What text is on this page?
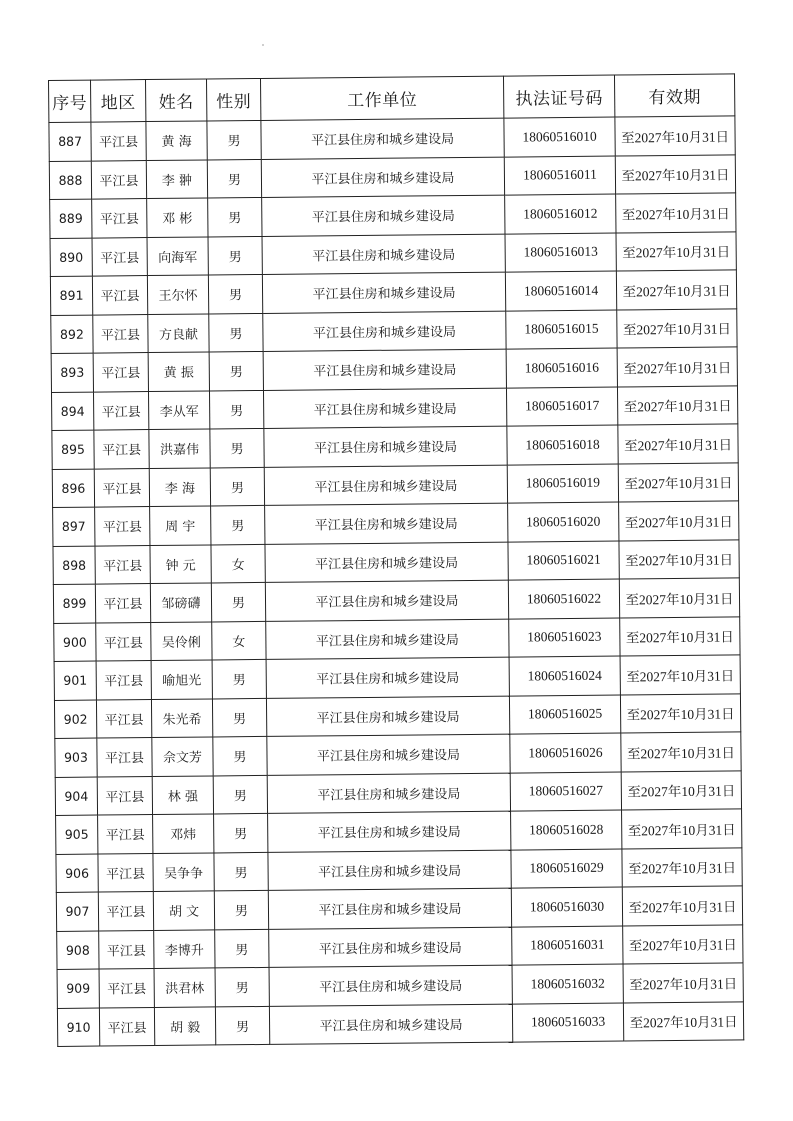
序号	地区	姓名	性别	工作单位	执法证号码	有效期
887	平江县	黄 海	男	平江县住房和城乡建设局	18060516010	至2027年10月31日
888	平江县	李 翀	男	平江县住房和城乡建设局	18060516011	至2027年10月31日
889	平江县	邓 彬	男	平江县住房和城乡建设局	18060516012	至2027年10月31日
890	平江县	向海军	男	平江县住房和城乡建设局	18060516013	至2027年10月31日
891	平江县	王尔怀	男	平江县住房和城乡建设局	18060516014	至2027年10月31日
892	平江县	方良献	男	平江县住房和城乡建设局	18060516015	至2027年10月31日
893	平江县	黄 振	男	平江县住房和城乡建设局	18060516016	至2027年10月31日
894	平江县	李从军	男	平江县住房和城乡建设局	18060516017	至2027年10月31日
895	平江县	洪嘉伟	男	平江县住房和城乡建设局	18060516018	至2027年10月31日
896	平江县	李 海	男	平江县住房和城乡建设局	18060516019	至2027年10月31日
897	平江县	周 宇	男	平江县住房和城乡建设局	18060516020	至2027年10月31日
898	平江县	钟 元	女	平江县住房和城乡建设局	18060516021	至2027年10月31日
899	平江县	邹磅礴	男	平江县住房和城乡建设局	18060516022	至2027年10月31日
900	平江县	吴伶俐	女	平江县住房和城乡建设局	18060516023	至2027年10月31日
901	平江县	喻旭光	男	平江县住房和城乡建设局	18060516024	至2027年10月31日
902	平江县	朱光希	男	平江县住房和城乡建设局	18060516025	至2027年10月31日
903	平江县	佘文芳	男	平江县住房和城乡建设局	18060516026	至2027年10月31日
904	平江县	林 强	男	平江县住房和城乡建设局	18060516027	至2027年10月31日
905	平江县	邓炜	男	平江县住房和城乡建设局	18060516028	至2027年10月31日
906	平江县	吴争争	男	平江县住房和城乡建设局	18060516029	至2027年10月31日
907	平江县	胡 文	男	平江县住房和城乡建设局	18060516030	至2027年10月31日
908	平江县	李博升	男	平江县住房和城乡建设局	18060516031	至2027年10月31日
909	平江县	洪君林	男	平江县住房和城乡建设局	18060516032	至2027年10月31日
910	平江县	胡 毅	男	平江县住房和城乡建设局	18060516033	至2027年10月31日
